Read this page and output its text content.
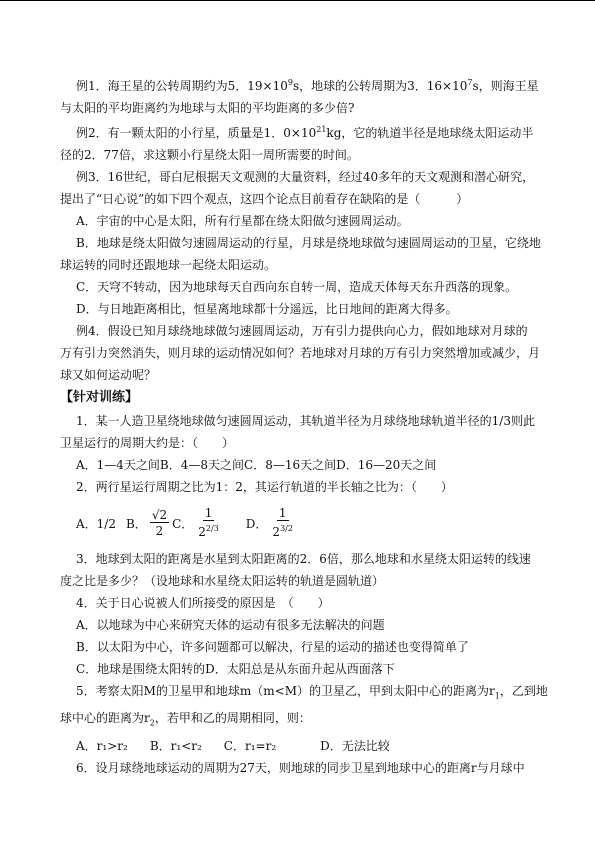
例1．海王星的公转周期约为5．$19\times 10^9s$，地球的公转周期为3．$16\times 10^7s$，则海王星

与太阳的平均距离约为地球与太阳的平均距离的多少倍?

例2．有一颗太阳的小行星，质量是1．$0\times 10^{21}kg$，它的轨道半径是地球绕太阳运动半

径的2．77倍，求这颗小行星绕太阳一周所需要的时间。

例3．16世纪，哥白尼根据天文观测的大量资料，经过40多年的天文观测和潜心研究，

提出了“日心说”的如下四个观点，这四个论点目前看存在缺陷的是（　　　）

A．宇宙的中心是太阳，所有行星都在绕太阳做匀速圆周运动。

B．地球是绕太阳做匀速圆周运动的行星，月球是绕地球做匀速圆周运动的卫星，它绕地

球运转的同时还跟地球一起绕太阳运动。

C．天穹不转动，因为地球每天自西向东自转一周，造成天体每天东升西落的现象。

D．与日地距离相比，恒星离地球都十分遥远，比日地间的距离大得多。

例4．假设已知月球绕地球做匀速圆周运动，万有引力提供向心力，假如地球对月球的

万有引力突然消失，则月球的运动情况如何？若地球对月球的万有引力突然增加或减少，月

球又如何运动呢？

【针对训练】

1．某一人造卫星绕地球做匀速圆周运动，其轨道半径为月球绕地球轨道半径的1/3则此

卫星运行的周期大约是：（　　）

A．1—4天之间B．4—8天之间C．8—16天之间D．16—20天之间

2．两行星运行周期之比为1：2，其运行轨道的半长轴之比为：（　　）

A．1/2 B． $\frac{√2}{2}$ C． $\frac{1}{2^{2/3}}$ D． $\frac{1}{2^{3/2}}$

3．地球到太阳的距离是水星到太阳距离的2．6倍，那么地球和水星绕太阳运转的线速

度之比是多少？（设地球和水星绕太阳运转的轨道是圆轨道）

4．关于日心说被人们所接受的原因是　（　　）

A．以地球为中心来研究天体的运动有很多无法解决的问题

B．以太阳为中心，许多问题都可以解决，行星的运动的描述也变得简单了

C．地球是围绕太阳转的D．太阳总是从东面升起从西面落下

5．考察太阳M的卫星甲和地球m（m<M）的卫星乙，甲到太阳中心的距离为$r_1$，乙到地

球中心的距离为$r_2$，若甲和乙的周期相同，则：

A．r₁>r₂ B．r₁<r₂ C．r₁=r₂	D．无法比较

6．设月球绕地球运动的周期为27天，则地球的同步卫星到地球中心的距离r与月球中
